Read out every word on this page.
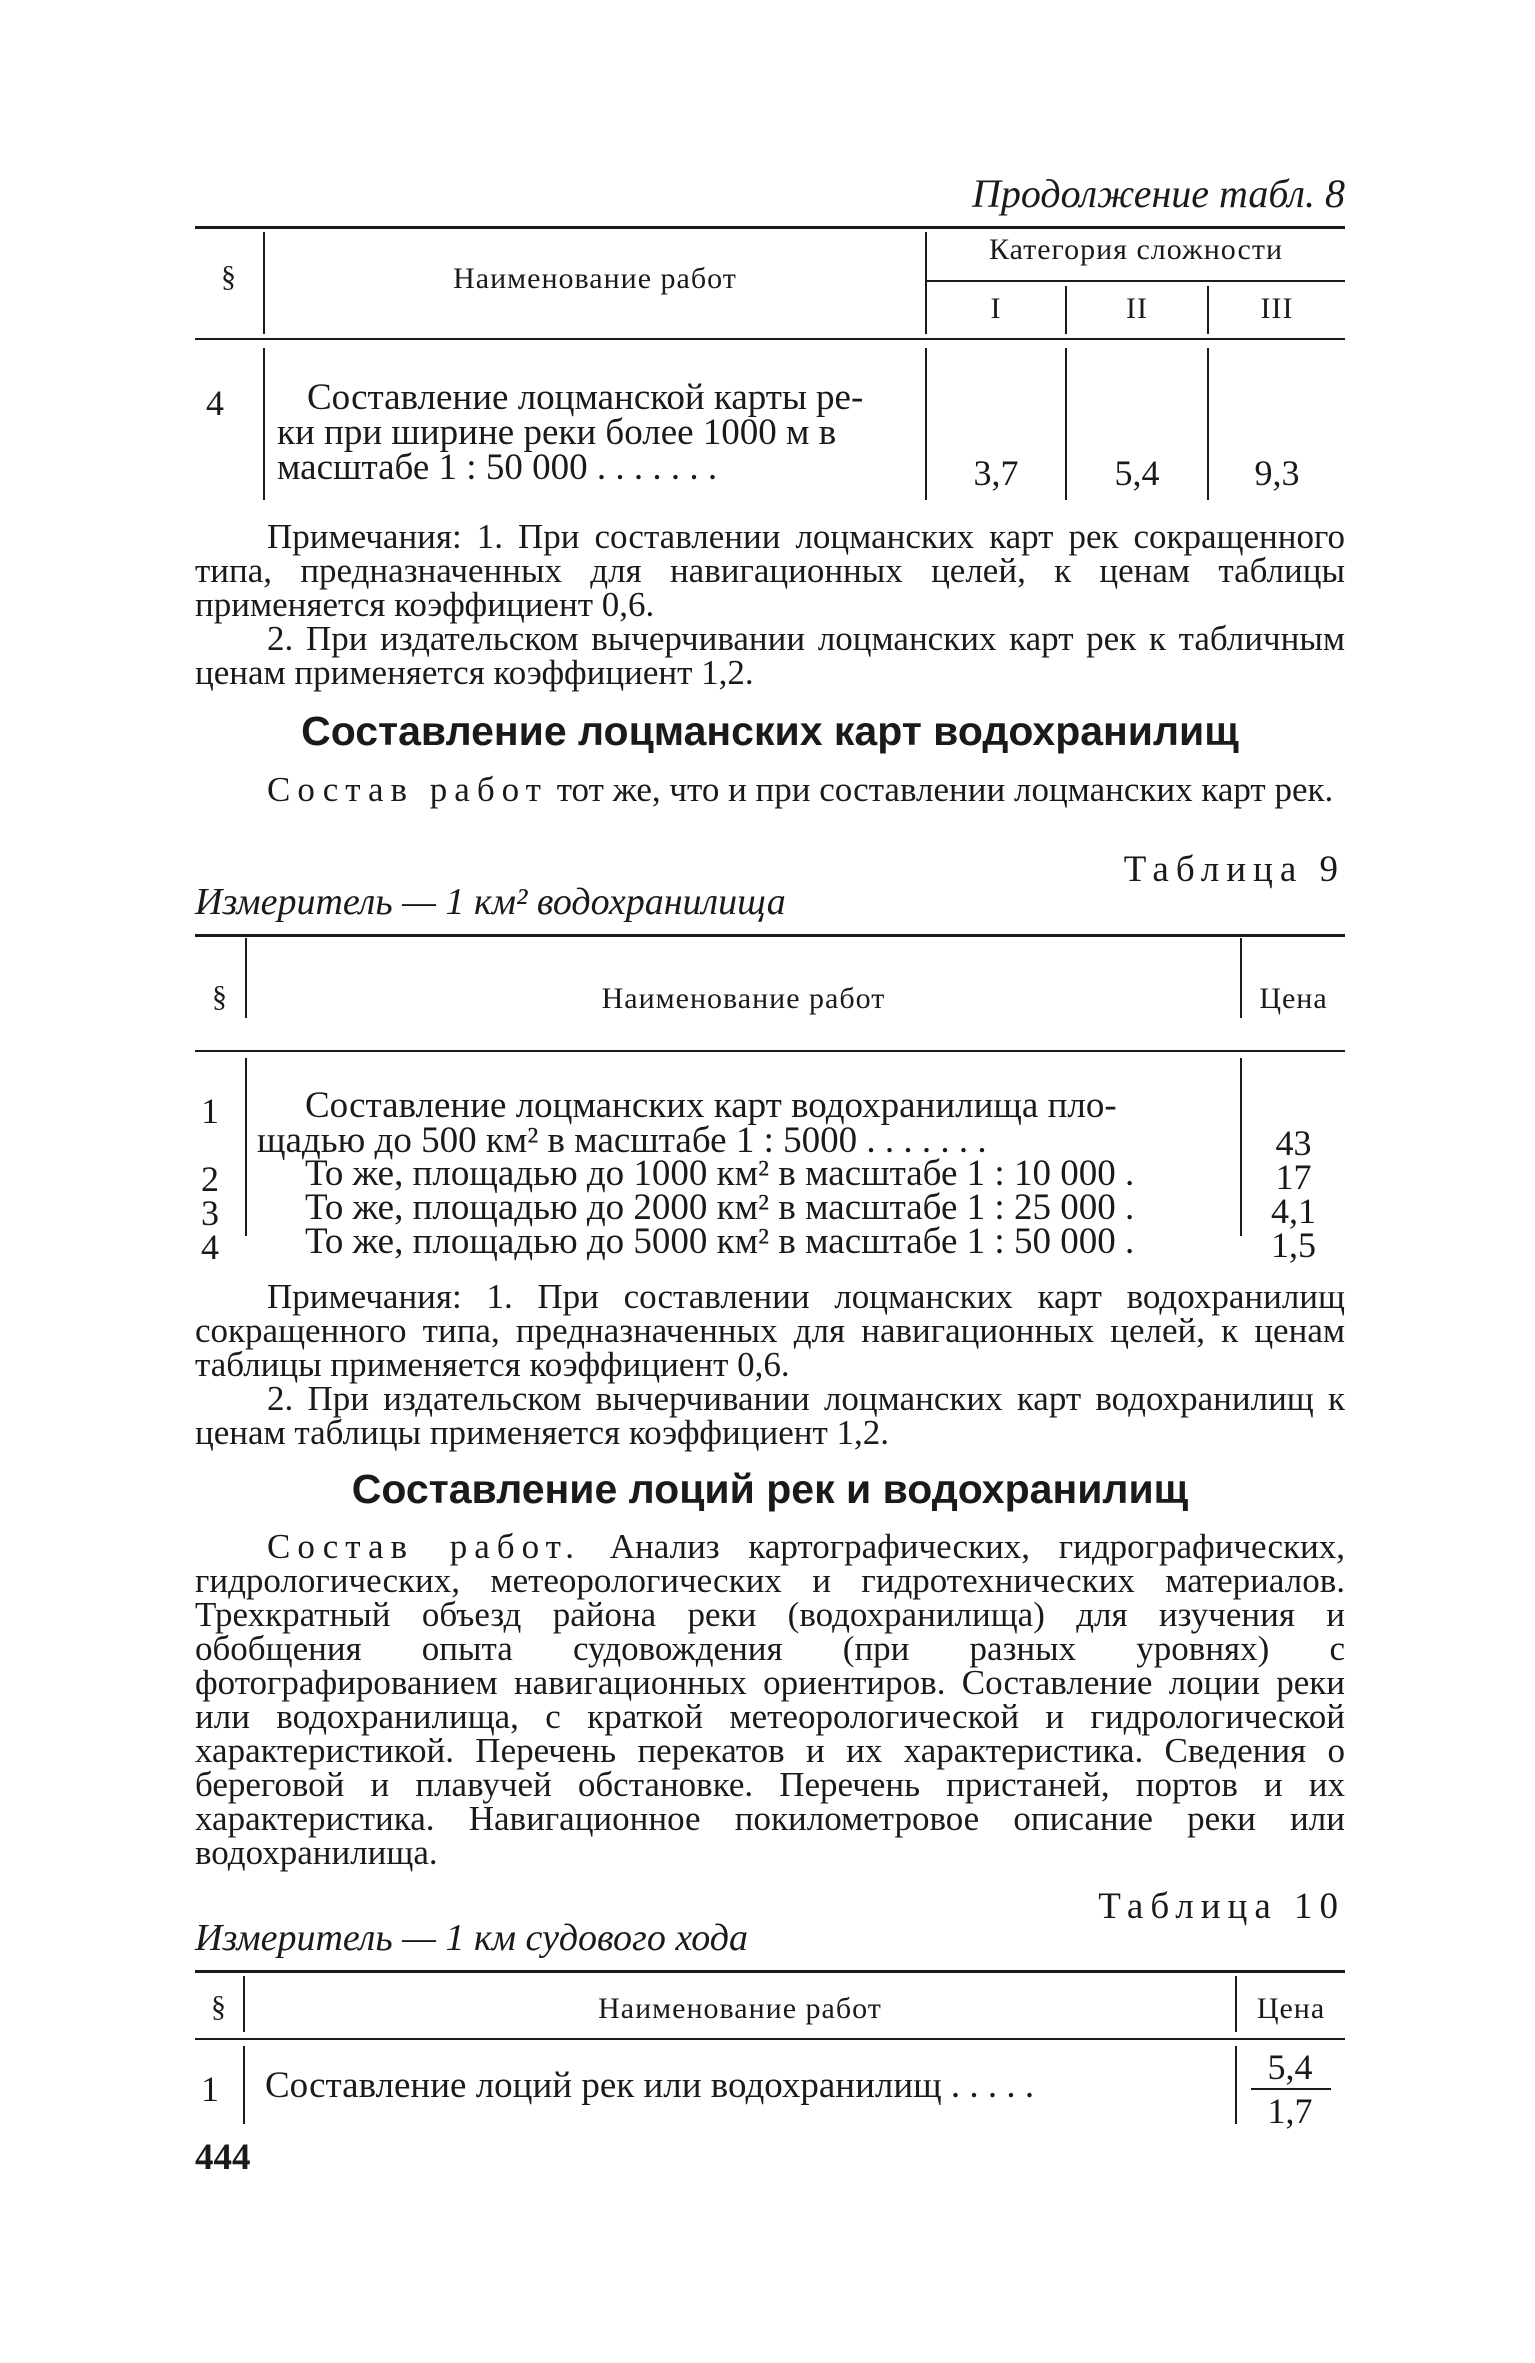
Продолжение табл. 8
§	Наименование работ
Категория сложности
I	II	III
4	Составление лоцманской карты ре-
ки при ширине реки более 1000 м в
масштабе 1 : 50 000 . . . . . . .	3,7	5,4	9,3

Примечания: 1. При составлении лоцманских карт рек сокращенного типа, предназначенных для навигационных целей, к ценам таблицы применяется коэффициент 0,6.

2. При издательском вычерчивании лоцманских карт рек к табличным ценам применяется коэффициент 1,2.

Составление лоцманских карт водохранилищ

Состав работ тот же, что и при составлении лоцманских карт рек.

Таблица 9
Измеритель — 1 км² водохранилища
§	Наименование работ	Цена
1 Составление лоцманских карт водохранилища пло-
щадью до 500 км² в масштабе 1 : 5000 . . . . . . .	43
2 То же, площадью до 1000 км² в масштабе 1 : 10 000 .	17
3 То же, площадью до 2000 км² в масштабе 1 : 25 000 .	4,1
4 То же, площадью до 5000 км² в масштабе 1 : 50 000 .	1,5

Примечания: 1. При составлении лоцманских карт водохранилищ сокращенного типа, предназначенных для навигационных целей, к ценам таблицы применяется коэффициент 0,6.

2. При издательском вычерчивании лоцманских карт водохранилищ к ценам таблицы применяется коэффициент 1,2.

Составление лоций рек и водохранилищ

Состав работ. Анализ картографических, гидрографических, гидрологических, метеорологических и гидротехнических материалов. Трехкратный объезд района реки (водохранилища) для изучения и обобщения опыта судовождения (при разных уровнях) с фотографированием навигационных ориентиров. Составление лоции реки или водохранилища, с краткой метеорологической и гидрологической характеристикой. Перечень перекатов и их характеристика. Сведения о береговой и плавучей обстановке. Перечень пристаней, портов и их характеристика. Навигационное покилометровое описание реки или водохранилища.

Таблица 10
Измеритель — 1 км судового хода
§	Наименование работ	Цена
1 Составление лоций рек или водохранилищ . . . . .	5,4
1,7
444
